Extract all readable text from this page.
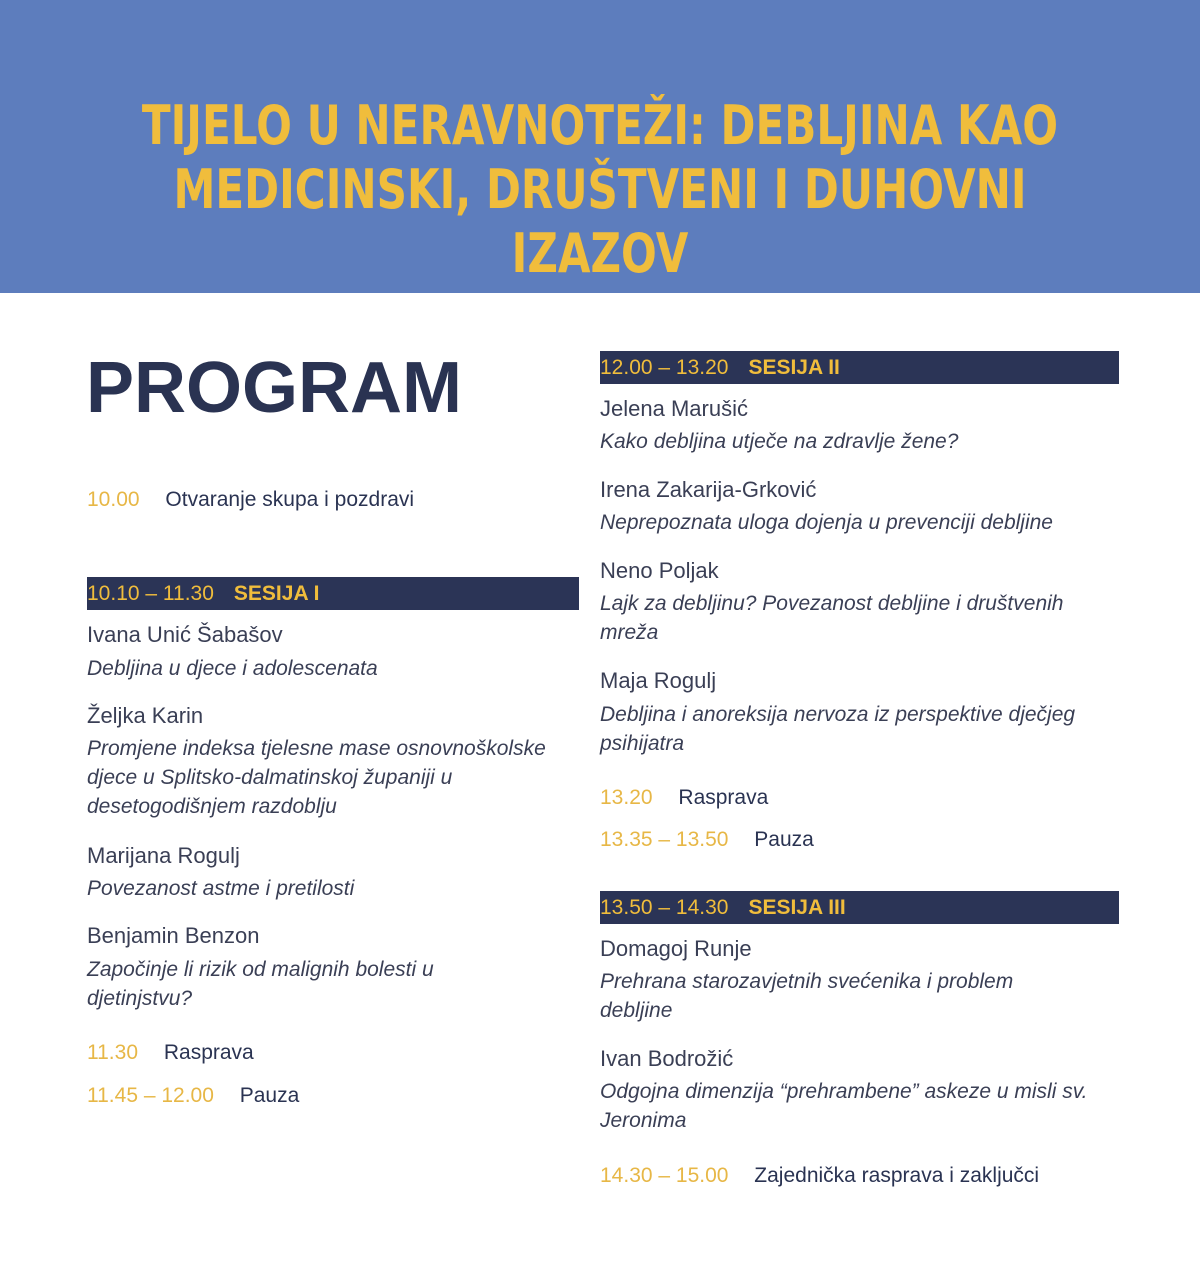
TIJELO U NERAVNOTEŽI: DEBLJINA KAO
MEDICINSKI, DRUŠTVENI I DUHOVNI IZAZOV
PROGRAM
10.00 Otvaranje skupa i pozdravi
10.10 – 11.30 SESIJA I
Ivana Unić Šabašov
Debljina u djece i adolescenata
Željka Karin
Promjene indeksa tjelesne mase osnovnoškolske djece u Splitsko-dalmatinskoj županiji u desetogodišnjem razdoblju
Marijana Rogulj
Povezanost astme i pretilosti
Benjamin Benzon
Započinje li rizik od malignih bolesti u djetinjstvu?
11.30 Rasprava
11.45 – 12.00 Pauza
12.00 – 13.20 SESIJA II
Jelena Marušić
Kako debljina utječe na zdravlje žene?
Irena Zakarija-Grković
Neprepoznata uloga dojenja u prevenciji debljine
Neno Poljak
Lajk za debljinu? Povezanost debljine i društvenih mreža
Maja Rogulj
Debljina i anoreksija nervoza iz perspektive dječjeg psihijatra
13.20 Rasprava
13.35 – 13.50 Pauza
13.50 – 14.30 SESIJA III
Domagoj Runje
Prehrana starozavjetnih svećenika i problem debljine
Ivan Bodrožić
Odgojna dimenzija “prehrambene” askeze u misli sv. Jeronima
14.30 – 15.00 Zajednička rasprava i zaključci
